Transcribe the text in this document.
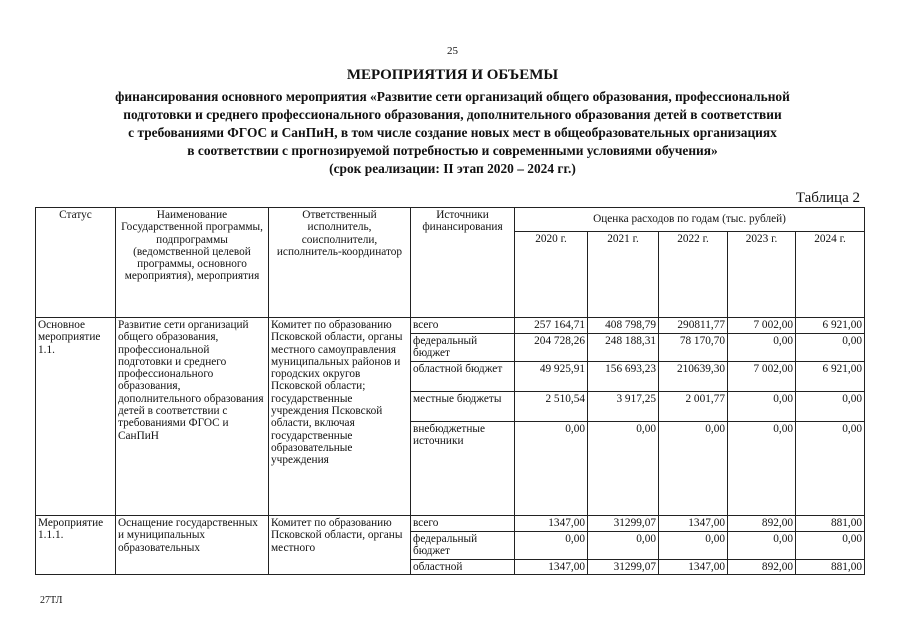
25
МЕРОПРИЯТИЯ И ОБЪЕМЫ
финансирования основного мероприятия «Развитие сети организаций общего образования, профессиональной
подготовки и среднего профессионального образования, дополнительного образования детей в соответствии
с требованиями ФГОС и СанПиН, в том числе создание новых мест в общеобразовательных организациях
в соответствии с прогнозируемой потребностью и современными условиями обучения»
(срок реализации: II этап 2020 – 2024 гг.)
Таблица 2
Статус	Наименование Государственной программы, подпрограммы (ведомственной целевой программы, основного мероприятия), мероприятия	Ответственный исполнитель, соисполнители, исполнитель-координатор	Источники финансирования	Оценка расходов по годам (тыс. рублей)				
				2020 г.	2021 г.	2022 г.	2023 г.	2024 г.
Основное мероприятие 1.1.	Развитие сети организаций общего образования, профессиональной подготовки и среднего профессионального образования, дополнительного образования детей в соответствии с требованиями ФГОС и СанПиН	Комитет по образованию Псковской области, органы местного самоуправления муниципальных районов и городских округов Псковской области; государственные учреждения Псковской области, включая государственные образовательные учреждения	всего	257 164,71	408 798,79	290811,77	7 002,00	6 921,00
			федеральный бюджет	204 728,26	248 188,31	78 170,70	0,00	0,00
			областной бюджет	49 925,91	156 693,23	210639,30	7 002,00	6 921,00
			местные бюджеты	2 510,54	3 917,25	2 001,77	0,00	0,00
			внебюджетные источники	0,00	0,00	0,00	0,00	0,00
Мероприятие 1.1.1.	Оснащение государственных и муниципальных образовательных	Комитет по образованию Псковской области, органы местного	всего	1347,00	31299,07	1347,00	892,00	881,00
			федеральный бюджет	0,00	0,00	0,00	0,00	0,00
			областной	1347,00	31299,07	1347,00	892,00	881,00
27ТЛ
